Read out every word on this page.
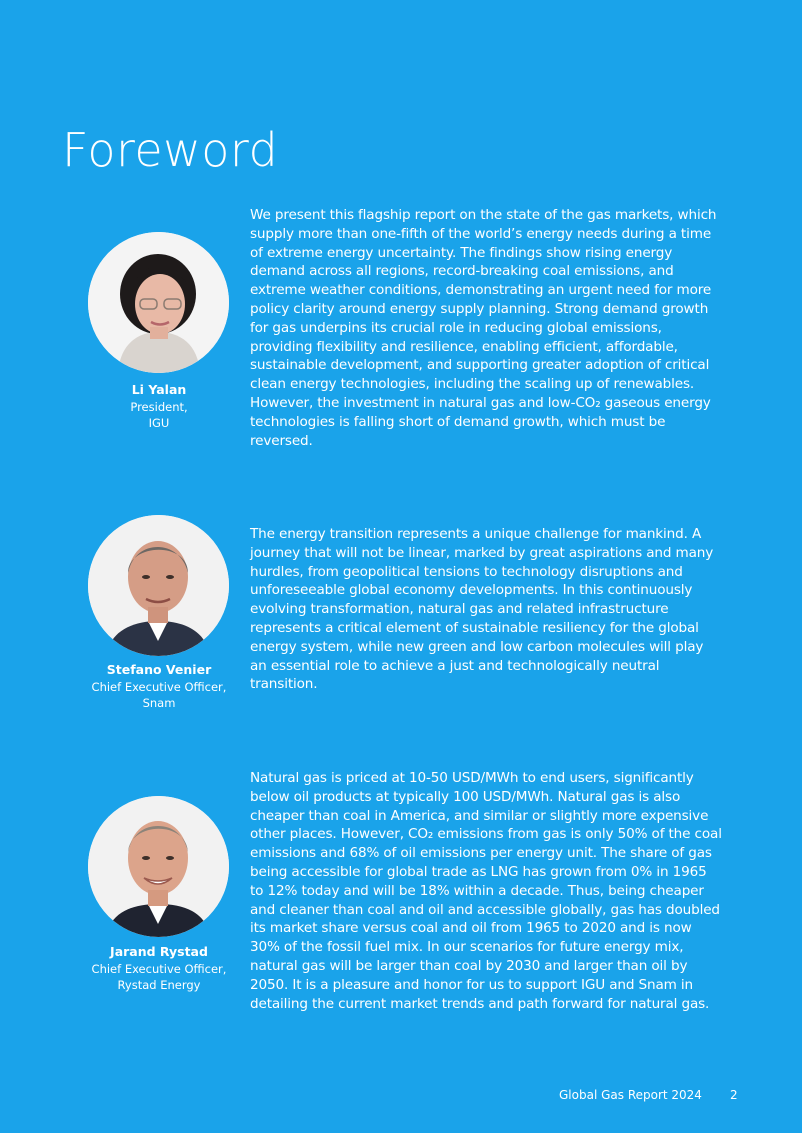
Foreword
Li Yalan
President,
IGU

We present this flagship report on the state of the gas markets, which supply more than one-fifth of the world’s energy needs during a time of extreme energy uncertainty. The findings show rising energy demand across all regions, record-breaking coal emissions, and extreme weather conditions, demonstrating an urgent need for more policy clarity around energy supply planning. Strong demand growth for gas underpins its crucial role in reducing global emissions, providing flexibility and resilience, enabling efficient, affordable, sustainable development, and supporting greater adoption of critical clean energy technologies, including the scaling up of renewables. However, the investment in natural gas and low-CO₂ gaseous energy technologies is falling short of demand growth, which must be reversed.

Stefano Venier
Chief Executive Officer,
Snam

The energy transition represents a unique challenge for mankind. A journey that will not be linear, marked by great aspirations and many hurdles, from geopolitical tensions to technology disruptions and unforeseeable global economy developments. In this continuously evolving transformation, natural gas and related infrastructure represents a critical element of sustainable resiliency for the global energy system, while new green and low carbon molecules will play an essential role to achieve a just and technologically neutral transition.

Jarand Rystad
Chief Executive Officer,
Rystad Energy

Natural gas is priced at 10-50 USD/MWh to end users, significantly below oil products at typically 100 USD/MWh. Natural gas is also cheaper than coal in America, and similar or slightly more expensive other places. However, CO₂ emissions from gas is only 50% of the coal emissions and 68% of oil emissions per energy unit. The share of gas being accessible for global trade as LNG has grown from 0% in 1965 to 12% today and will be 18% within a decade. Thus, being cheaper and cleaner than coal and oil and accessible globally, gas has doubled its market share versus coal and oil from 1965 to 2020 and is now 30% of the fossil fuel mix. In our scenarios for future energy mix, natural gas will be larger than coal by 2030 and larger than oil by 2050. It is a pleasure and honor for us to support IGU and Snam in detailing the current market trends and path forward for natural gas.

Global Gas Report 2024 2
